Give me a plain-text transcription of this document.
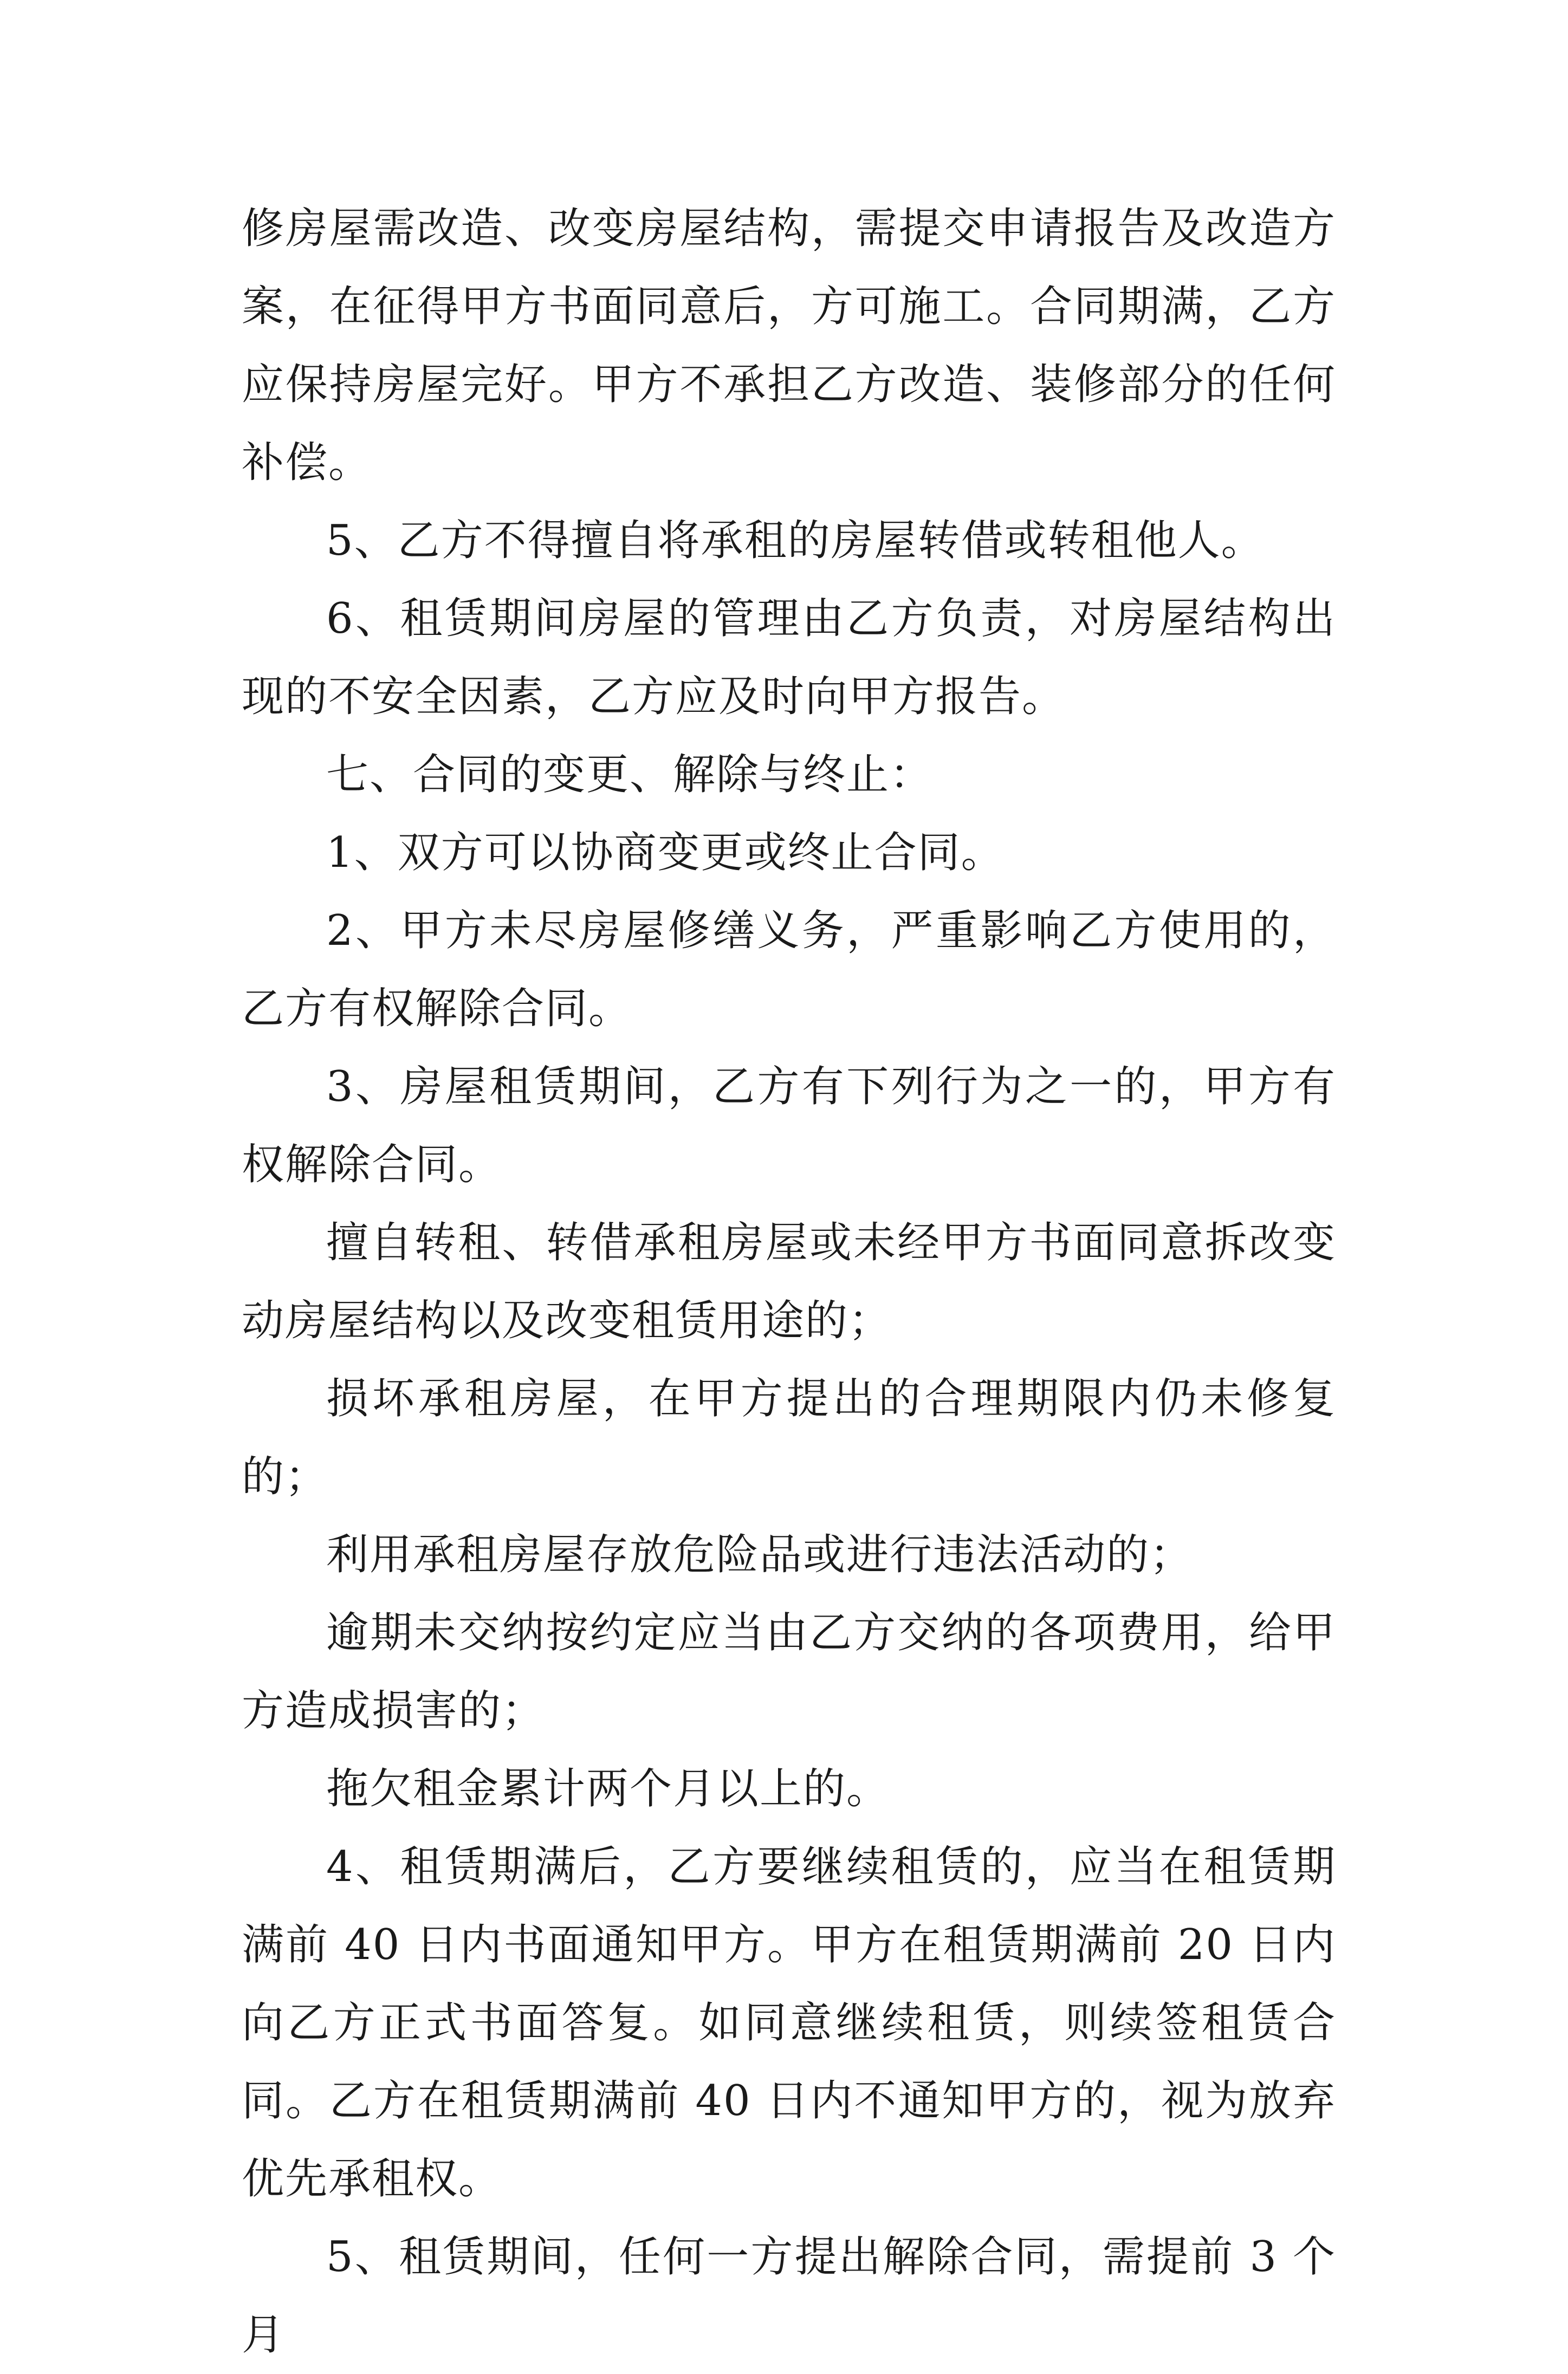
修房屋需改造、改变房屋结构，需提交申请报告及改造方案，在征得甲方书面同意后，方可施工。合同期满，乙方应保持房屋完好。甲方不承担乙方改造、装修部分的任何补偿。

5、乙方不得擅自将承租的房屋转借或转租他人。

6、租赁期间房屋的管理由乙方负责，对房屋结构出现的不安全因素，乙方应及时向甲方报告。

七、合同的变更、解除与终止：

1、双方可以协商变更或终止合同。

2、甲方未尽房屋修缮义务，严重影响乙方使用的，乙方有权解除合同。

3、房屋租赁期间，乙方有下列行为之一的，甲方有权解除合同。

擅自转租、转借承租房屋或未经甲方书面同意拆改变动房屋结构以及改变租赁用途的；

损坏承租房屋，在甲方提出的合理期限内仍未修复的；

利用承租房屋存放危险品或进行违法活动的；

逾期未交纳按约定应当由乙方交纳的各项费用，给甲方造成损害的；

拖欠租金累计两个月以上的。

4、租赁期满后，乙方要继续租赁的，应当在租赁期满前 40 日内书面通知甲方。甲方在租赁期满前 20 日内向乙方正式书面答复。如同意继续租赁，则续签租赁合同。乙方在租赁期满前 40 日内不通知甲方的，视为放弃优先承租权。

5、租赁期间，任何一方提出解除合同，需提前 3 个月
